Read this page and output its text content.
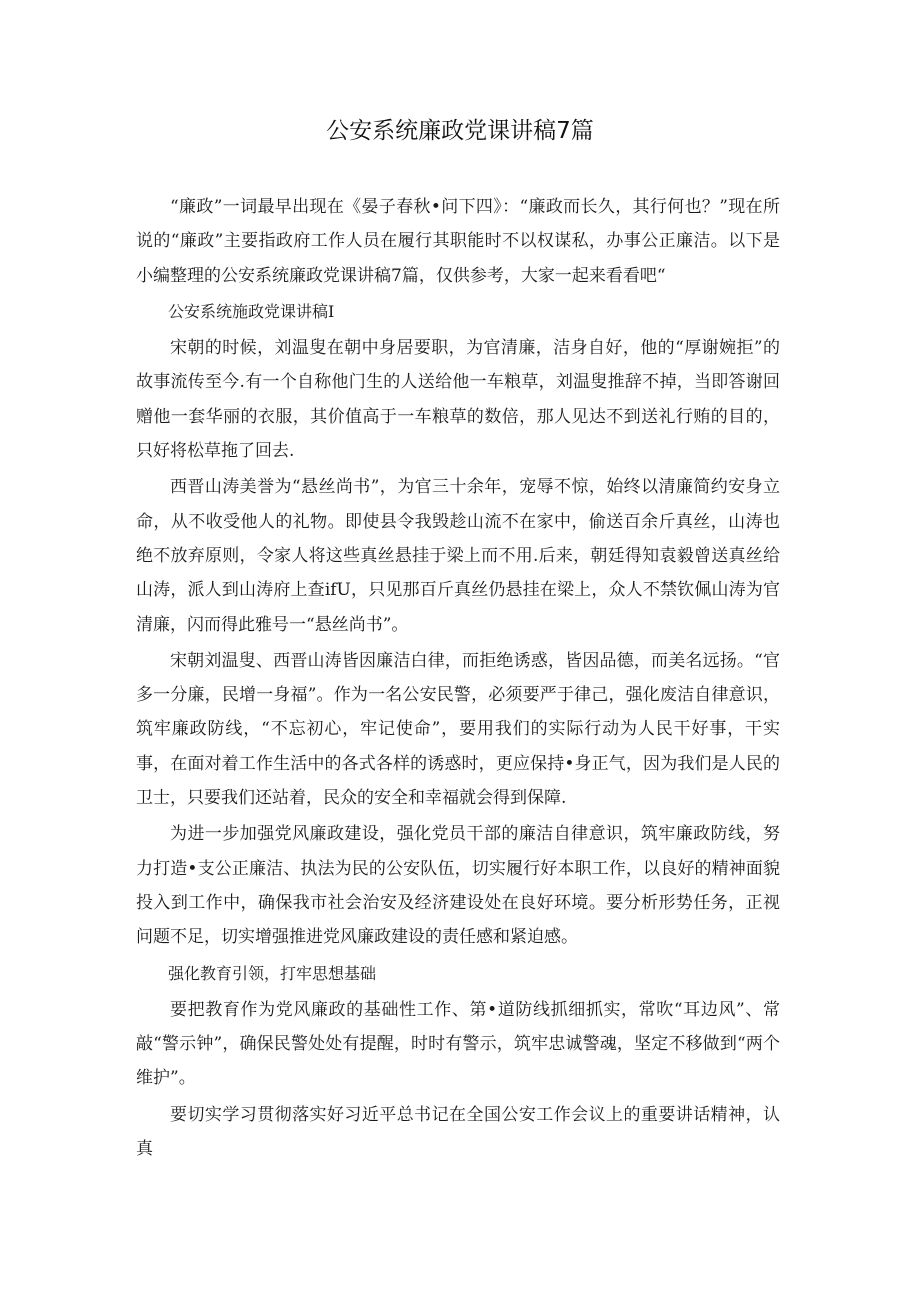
公安系统廉政党课讲稿7篇

“廉政”一词最早出现在《晏子春秋•问下四》：“廉政而长久，其行何也？”现在所说的“廉政”主要指政府工作人员在履行其职能时不以权谋私，办事公正廉洁。以下是小编整理的公安系统廉政党课讲稿7篇，仅供参考，大家一起来看看吧“

公安系统施政党课讲稿I

宋朝的时候，刘温叟在朝中身居要职，为官清廉，洁身自好，他的“厚谢婉拒”的故事流传至今.有一个自称他门生的人送给他一车粮草，刘温叟推辞不掉，当即答谢回赠他一套华丽的衣服，其价值高于一车粮草的数倍，那人见达不到送礼行贿的目的，只好将松草拖了回去.

西晋山涛美誉为“悬丝尚书”，为官三十余年，宠辱不惊，始终以清廉简约安身立命，从不收受他人的礼物。即使县令我毁趁山流不在家中，偷送百余斤真丝，山涛也绝不放弃原则，令家人将这些真丝悬挂于梁上而不用.后来，朝廷得知袁毅曾送真丝给山涛，派人到山涛府上查ifU，只见那百斤真丝仍悬挂在梁上，众人不禁钦佩山涛为官清廉，闪而得此雅号一“悬丝尚书”。

宋朝刘温叟、西晋山涛皆因廉洁白律，而拒绝诱惑，皆因品德，而美名远扬。“官多一分廉，民增一身福”。作为一名公安民警，必须要严于律己，强化废洁自律意识，筑牢廉政防线，“不忘初心，牢记使命”，要用我们的实际行动为人民干好事，干实事，在面对着工作生活中的各式各样的诱惑时，更应保持•身正气，因为我们是人民的卫士，只要我们还站着，民众的安全和幸福就会得到保障.

为进一步加强党风廉政建设，强化党员干部的廉洁自律意识，筑牢廉政防线，努力打造•支公正廉洁、执法为民的公安队伍，切实履行好本职工作，以良好的精神面貌投入到工作中，确保我市社会治安及经济建设处在良好环境。要分析形势任务，正视问题不足，切实增强推进党风廉政建设的责任感和紧迫感。

强化教育引领，打牢思想基础

要把教育作为党风廉政的基础性工作、第•道防线抓细抓实，常吹“耳边风”、常敲“警示钟”，确保民警处处有提醒，时时有警示，筑牢忠诚警魂，坚定不移做到“两个维护”。

要切实学习贯彻落实好习近平总书记在全国公安工作会议上的重要讲话精神，认真
